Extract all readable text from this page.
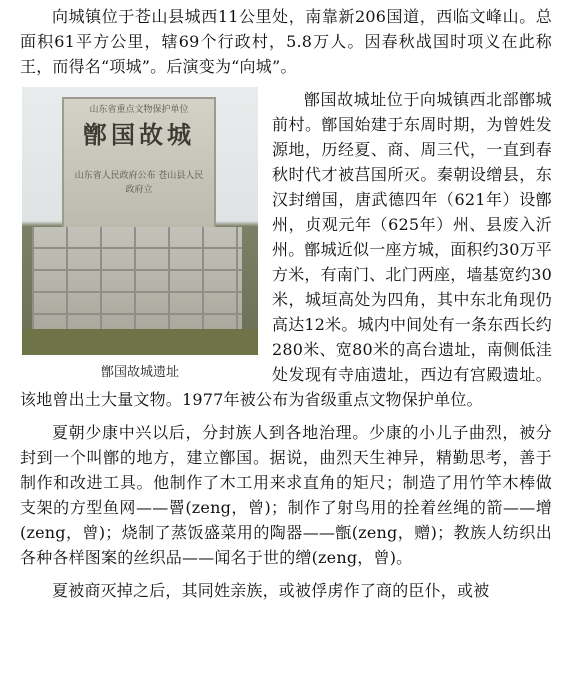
向城镇位于苍山县城西11公里处，南靠新206国道，西临文峰山。总面积61平方公里，辖69个行政村，5.8万人。因春秋战国时项义在此称王，而得名“项城”。后演变为“向城”。

山东省重点文物保护单位
鄫国故城
山东省人民政府公布 苍山县人民政府立
鄫国故城遗址

鄫国故城址位于向城镇西北部鄫城前村。鄫国始建于东周时期，为曾姓发源地，历经夏、商、周三代，一直到春秋时代才被莒国所灭。秦朝设缯县，东汉封缯国，唐武德四年（621年）设鄫州，贞观元年（625年）州、县废入沂州。鄫城近似一座方城，面积约30万平方米，有南门、北门两座，墙基宽约30米，城垣高处为四角，其中东北角现仍高达12米。城内中间处有一条东西长约280米、宽80米的高台遗址，南侧低洼处发现有寺庙遗址，西边有宫殿遗址。该地曾出土大量文物。1977年被公布为省级重点文物保护单位。

夏朝少康中兴以后，分封族人到各地治理。少康的小儿子曲烈，被分封到一个叫鄫的地方，建立鄫国。据说，曲烈天生神异，精勤思考，善于制作和改进工具。他制作了木工用来求直角的矩尺；制造了用竹竿木棒做支架的方型鱼网——罾(zeng，曾)；制作了射鸟用的拴着丝绳的箭——增(zeng，曾)；烧制了蒸饭盛菜用的陶器——甑(zeng，赠)；教族人纺织出各种各样图案的丝织品——闻名于世的缯(zeng，曾)。

夏被商灭掉之后，其同姓亲族，或被俘虏作了商的臣仆，或被
